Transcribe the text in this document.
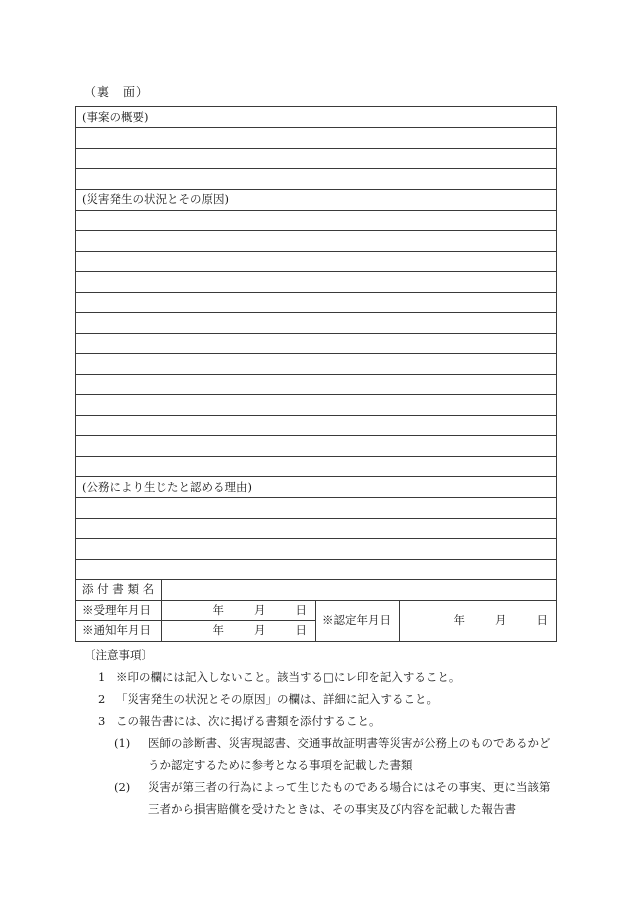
（裏　面）
(事案の概要)			

(災害発生の状況とその原因)			

(公務により生じたと認める理由)			

添 付 書 類 名			
※受理年月日	年 月 日	※認定年月日	年 月 日

※通知年月日	年 月 日		
〔注意事項〕
1 ※印の欄には記入しないこと。該当する□にレ印を記入すること。
2 「災害発生の状況とその原因」の欄は、詳細に記入すること。
3 この報告書には、次に掲げる書類を添付すること。
(1)	医師の診断書、災害現認書、交通事故証明書等災害が公務上のものであるかど
うか認定するために参考となる事項を記載した書類
(2)	災害が第三者の行為によって生じたものである場合にはその事実、更に当該第
三者から損害賠償を受けたときは、その事実及び内容を記載した報告書
